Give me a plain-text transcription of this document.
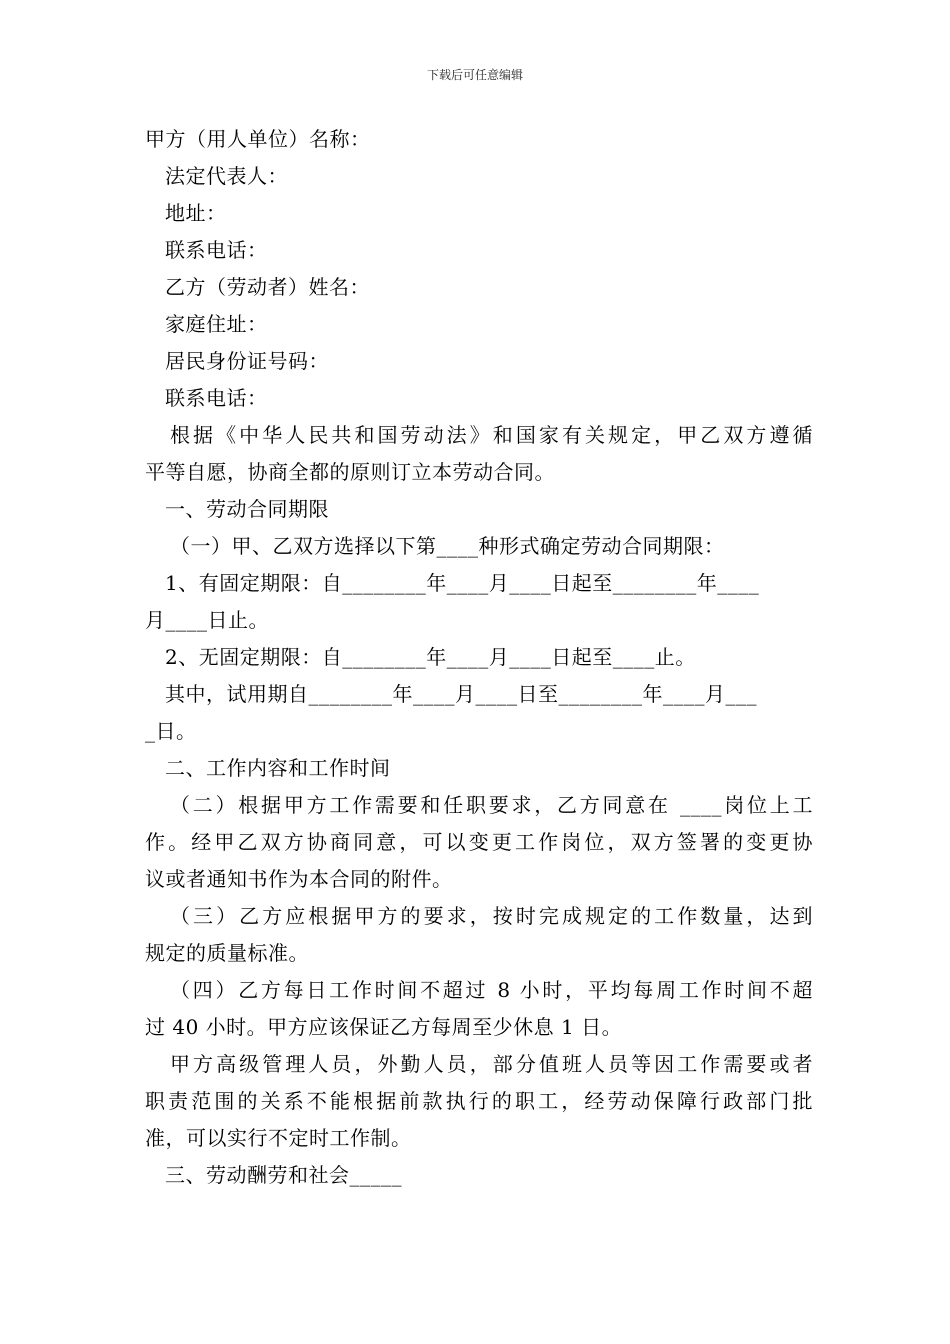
下载后可任意编辑
甲方（用人单位）名称：
法定代表人：
地址：
联系电话：
乙方（劳动者）姓名：
家庭住址：
居民身份证号码：
联系电话：
根据《中华人民共和国劳动法》和国家有关规定，甲乙双方遵循
平等自愿，协商全都的原则订立本劳动合同。
一、劳动合同期限
（一）甲、乙双方选择以下第____种形式确定劳动合同期限：
1、有固定期限：自________年____月____日起至________年____
月____日止。
2、无固定期限：自________年____月____日起至____止。
其中，试用期自________年____月____日至________年____月___
_日。
二、工作内容和工作时间
（二）根据甲方工作需要和任职要求，乙方同意在 ____岗位上工
作。经甲乙双方协商同意，可以变更工作岗位，双方签署的变更协
议或者通知书作为本合同的附件。
（三）乙方应根据甲方的要求，按时完成规定的工作数量，达到
规定的质量标准。
（四）乙方每日工作时间不超过 8 小时，平均每周工作时间不超
过 40 小时。甲方应该保证乙方每周至少休息 1 日。
甲方高级管理人员，外勤人员，部分值班人员等因工作需要或者
职责范围的关系不能根据前款执行的职工，经劳动保障行政部门批
准，可以实行不定时工作制。
三、劳动酬劳和社会_____
